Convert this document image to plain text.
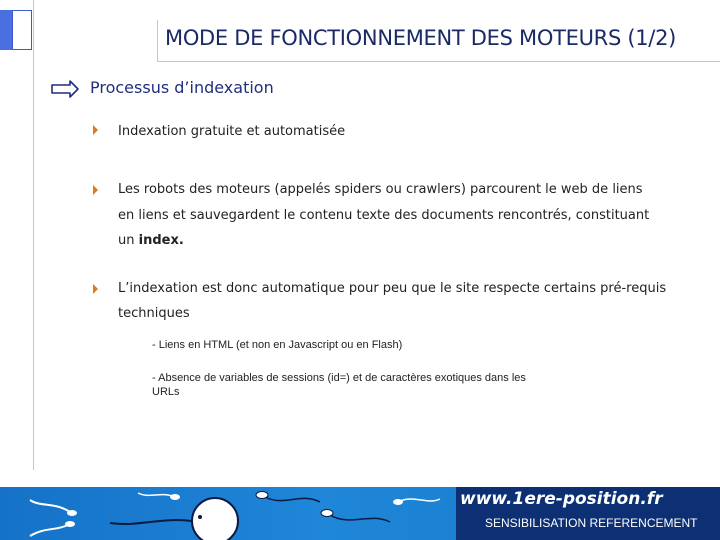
MODE DE FONCTIONNEMENT DES MOTEURS (1/2)
Processus d’indexation
Indexation gratuite et automatisée
Les robots des moteurs (appelés spiders ou crawlers) parcourent le web de liens
en liens et sauvegardent le contenu texte des documents rencontrés, constituant
un index.
L’indexation est donc automatique pour peu que le site respecte certains pré-requis
techniques
- Liens en HTML (et non en Javascript ou en Flash)
- Absence de variables de sessions (id=) et de caractères exotiques dans les
URLs
www.1ere-position.fr
SENSIBILISATION REFERENCEMENT
